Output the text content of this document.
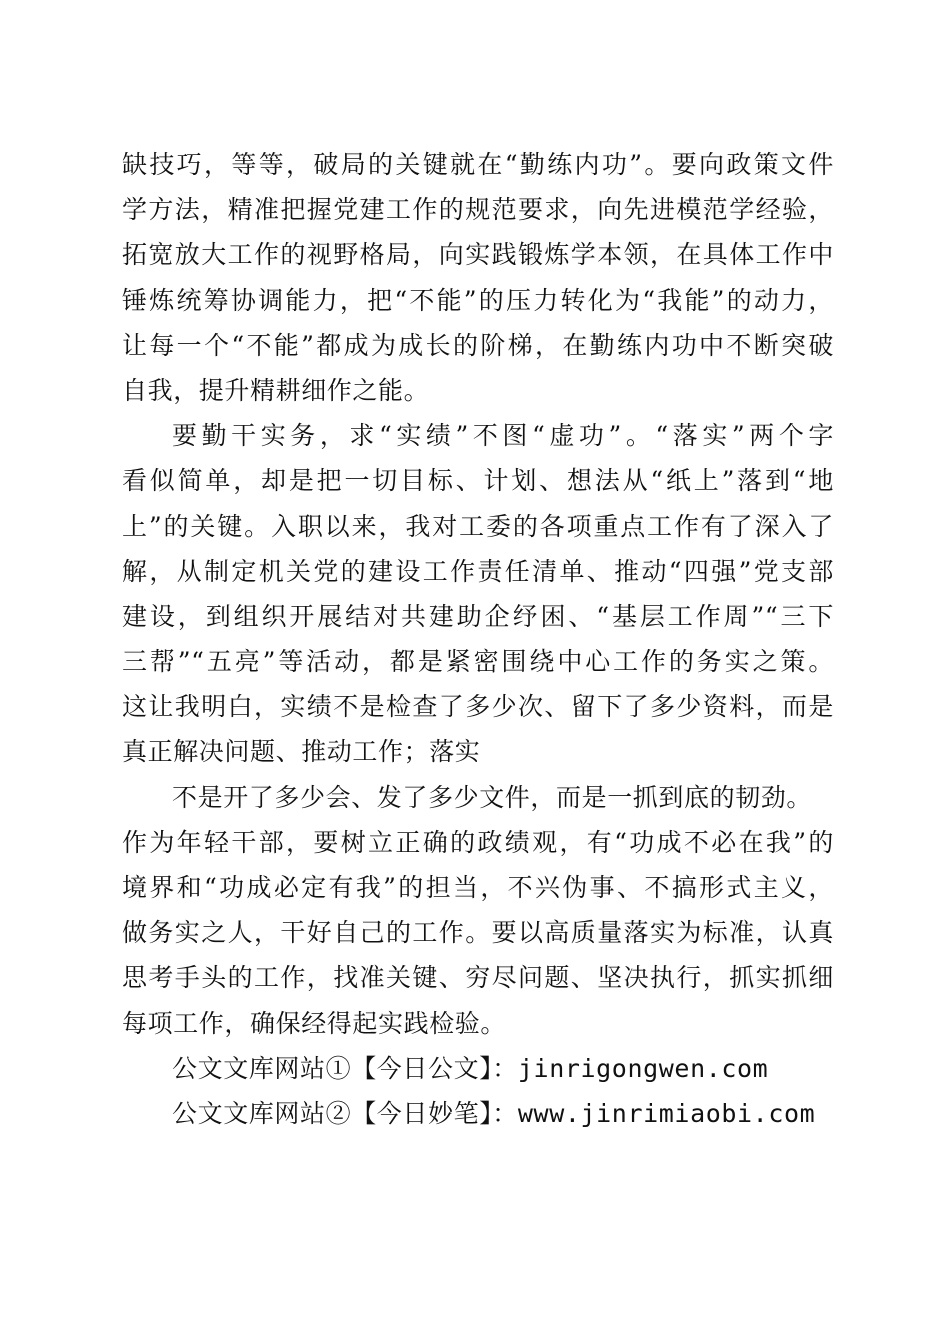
缺技巧，等等，破局的关键就在“勤练内功”。要向政策文件
学方法，精准把握党建工作的规范要求，向先进模范学经验，
拓宽放大工作的视野格局，向实践锻炼学本领，在具体工作中
锤炼统筹协调能力，把“不能”的压力转化为“我能”的动力，
让每一个“不能”都成为成长的阶梯，在勤练内功中不断突破
自我，提升精耕细作之能。
要勤干实务，求“实绩”不图“虚功”。“落实”两个字
看似简单，却是把一切目标、计划、想法从“纸上”落到“地
上”的关键。入职以来，我对工委的各项重点工作有了深入了
解，从制定机关党的建设工作责任清单、推动“四强”党支部
建设，到组织开展结对共建助企纾困、“基层工作周”“三下
三帮”“五亮”等活动，都是紧密围绕中心工作的务实之策。
这让我明白，实绩不是检查了多少次、留下了多少资料，而是
真正解决问题、推动工作；落实
不是开了多少会、发了多少文件，而是一抓到底的韧劲。
作为年轻干部，要树立正确的政绩观，有“功成不必在我”的
境界和“功成必定有我”的担当，不兴伪事、不搞形式主义，
做务实之人，干好自己的工作。要以高质量落实为标准，认真
思考手头的工作，找准关键、穷尽问题、坚决执行，抓实抓细
每项工作，确保经得起实践检验。
公文文库网站①【今日公文】：jinrigongwen.com
公文文库网站②【今日妙笔】：www.jinrimiaobi.com
